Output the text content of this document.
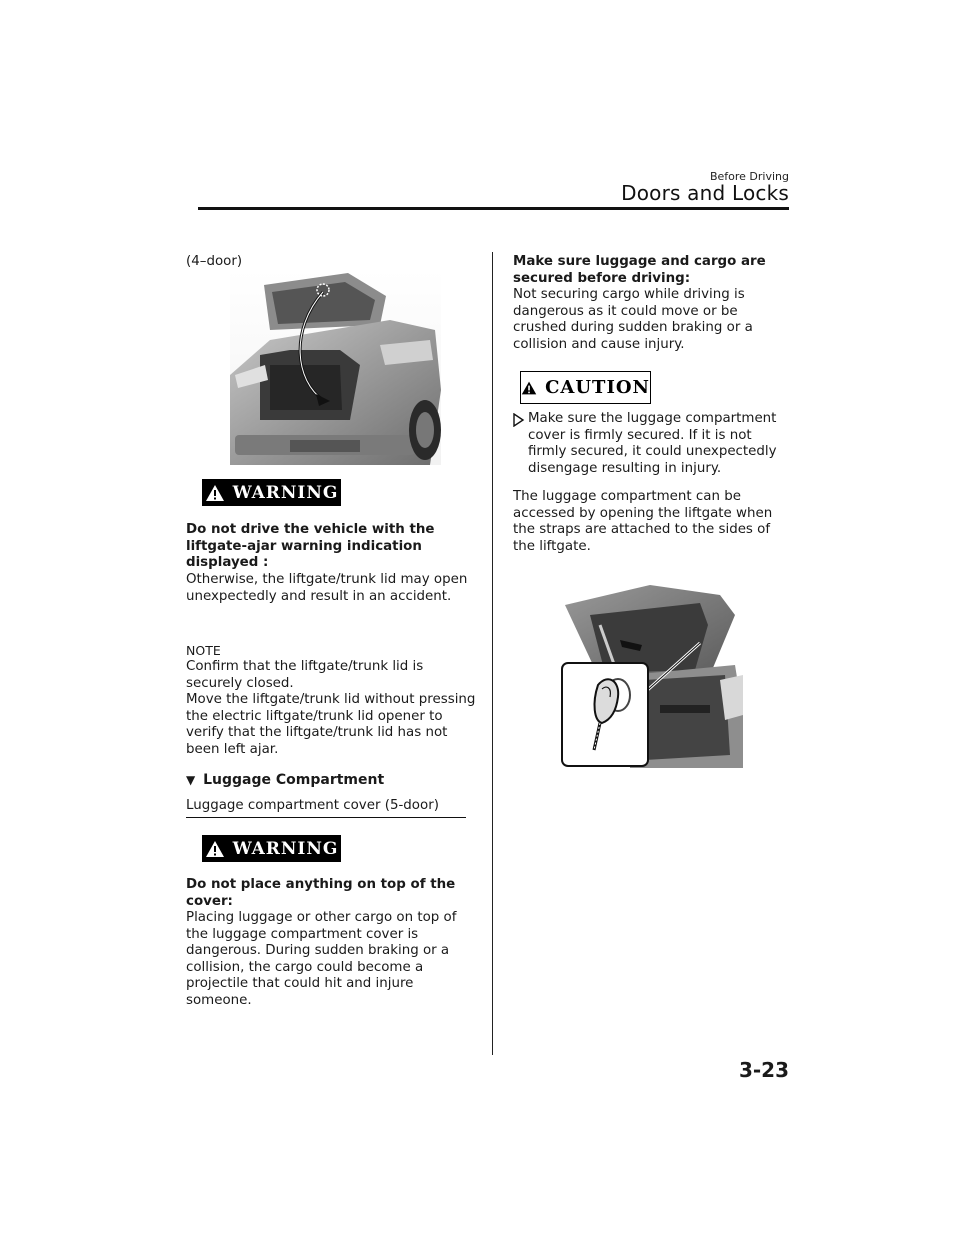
Before Driving
Doors and Locks
(4–door)
WARNING
Do not drive the vehicle with the liftgate-ajar warning indication displayed :
Otherwise, the liftgate/trunk lid may open unexpectedly and result in an accident.
NOTE
Confirm that the liftgate/trunk lid is securely closed.
Move the liftgate/trunk lid without pressing the electric liftgate/trunk lid opener to verify that the liftgate/trunk lid has not been left ajar.
▼ Luggage Compartment
Luggage compartment cover (5-door)
WARNING
Do not place anything on top of the cover:
Placing luggage or other cargo on top of the luggage compartment cover is dangerous. During sudden braking or a collision, the cargo could become a projectile that could hit and injure someone.
Make sure luggage and cargo are secured before driving:
Not securing cargo while driving is dangerous as it could move or be crushed during sudden braking or a collision and cause injury.
CAUTION
Make sure the luggage compartment cover is firmly secured. If it is not firmly secured, it could unexpectedly disengage resulting in injury.
The luggage compartment can be accessed by opening the liftgate when the straps are attached to the sides of the liftgate.
3-23
